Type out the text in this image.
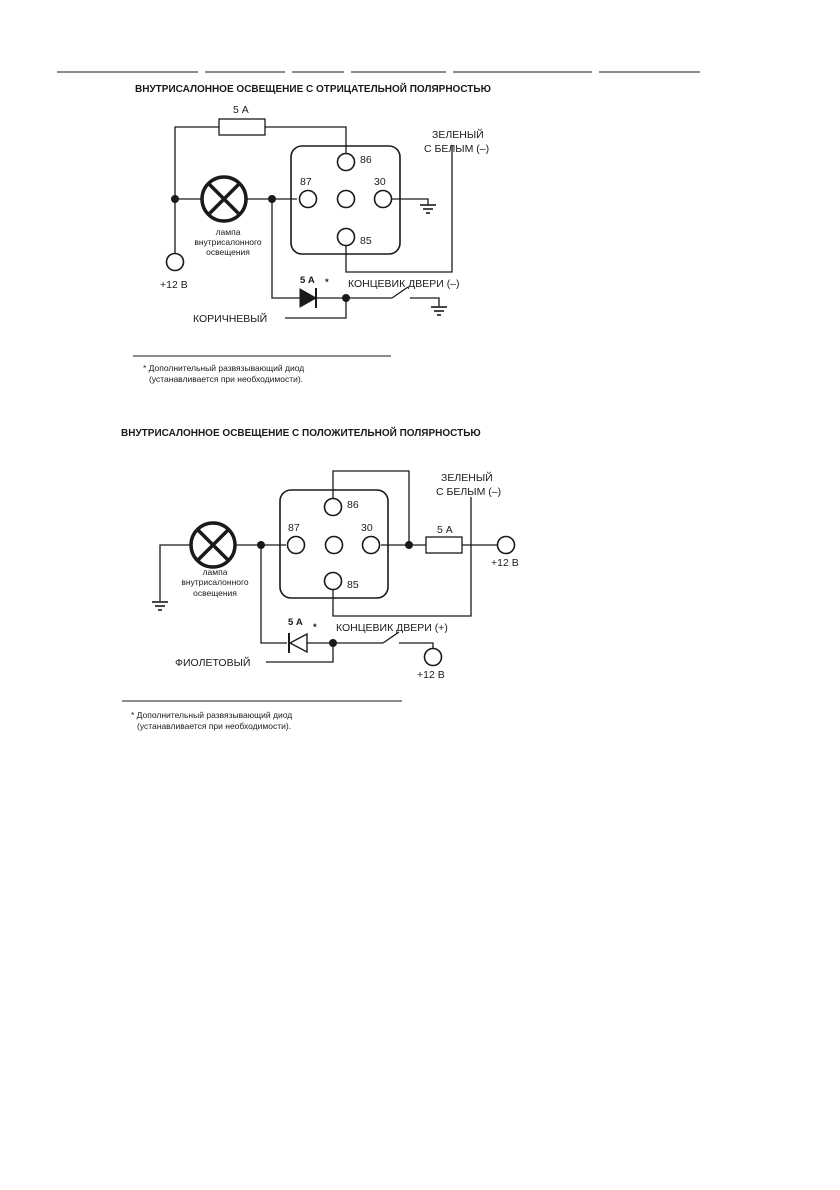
ВНУТРИСАЛОННОЕ ОСВЕЩЕНИЕ С ОТРИЦАТЕЛЬНОЙ ПОЛЯРНОСТЬЮ
5 А
86
87	30
85
лампа
внутрисалонного
освещения
+12 В	5 А *
ЗЕЛЕНЫЙ
С БЕЛЫМ (–)
КОНЦЕВИК ДВЕРИ (–)
КОРИЧНЕВЫЙ
* Дополнительный развязывающий диод
(устанавливается при необходимости).
ВНУТРИСАЛОННОЕ ОСВЕЩЕНИЕ С ПОЛОЖИТЕЛЬНОЙ ПОЛЯРНОСТЬЮ
5 А
86
87	30
85
лампа
внутрисалонного
освещения
+12 В
+12 В
5 А *
ЗЕЛЕНЫЙ
С БЕЛЫМ (–)
КОНЦЕВИК ДВЕРИ (+)
ФИОЛЕТОВЫЙ
* Дополнительный развязывающий диод
(устанавливается при необходимости).
